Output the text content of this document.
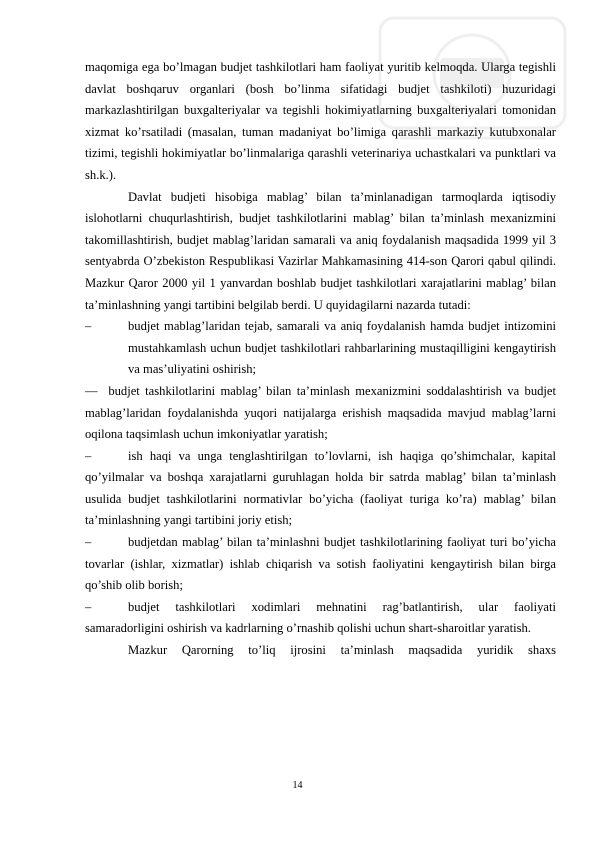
maqomiga ega bo’lmagan budjet tashkilotlari ham faoliyat yuritib kelmoqda. Ularga tegishli davlat boshqaruv organlari (bosh bo’linma sifatidagi budjet tashkiloti) huzuridagi markazlashtirilgan buxgalteriyalar va tegishli hokimiyatlarning buxgalteriyalari tomonidan xizmat ko’rsatiladi (masalan, tuman madaniyat bo’limiga qarashli markaziy kutubxonalar tizimi, tegishli hokimiyatlar bo’linmalariga qarashli veterinariya uchastkalari va punktlari va sh.k.).

Davlat budjeti hisobiga mablag’ bilan ta’minlanadigan tarmoqlarda iqtisodiy islohotlarni chuqurlashtirish, budjet tashkilotlarini mablag’ bilan ta’minlash mexanizmini takomillashtirish, budjet mablag’laridan samarali va aniq foydalanish maqsadida 1999 yil 3 sentyabrda O’zbekiston Respublikasi Vazirlar Mahkamasining 414-son Qarori qabul qilindi. Mazkur Qaror 2000 yil 1 yanvardan boshlab budjet tashkilotlari xarajatlarini mablag’ bilan ta’minlashning yangi tartibini belgilab berdi. U quyidagilarni nazarda tutadi:

–	budjet mablag’laridan tejab, samarali va aniq foydalanish hamda budjet intizomini mustahkamlash uchun budjet tashkilotlari rahbarlarining mustaqilligini kengaytirish va mas’uliyatini oshirish;

— budjet tashkilotlarini mablag’ bilan ta’minlash mexanizmini soddalashtirish va budjet mablag’laridan foydalanishda yuqori natijalarga erishish maqsadida mavjud mablag’larni oqilona taqsimlash uchun imkoniyatlar yaratish;

–	ish haqi va unga tenglashtirilgan to’lovlarni, ish haqiga qo’shimchalar, kapital qo’yilmalar va boshqa xarajatlarni guruhlagan holda bir satrda mablag’ bilan ta’minlash usulida budjet tashkilotlarini normativlar bo’yicha (faoliyat turiga ko’ra) mablag’ bilan ta’minlashning yangi tartibini joriy etish;

–	budjetdan mablag’ bilan ta’minlashni budjet tashkilotlarining faoliyat turi bo’yicha tovarlar (ishlar, xizmatlar) ishlab chiqarish va sotish faoliyatini kengaytirish bilan birga qo’shib olib borish;

–	budjet tashkilotlari xodimlari mehnatini rag’batlantirish, ular faoliyati samaradorligini oshirish va kadrlarning o’rnashib qolishi uchun shart-sharoitlar yaratish.

Mazkur Qarorning to’liq ijrosini ta’minlash maqsadida yuridik shaxs

14
